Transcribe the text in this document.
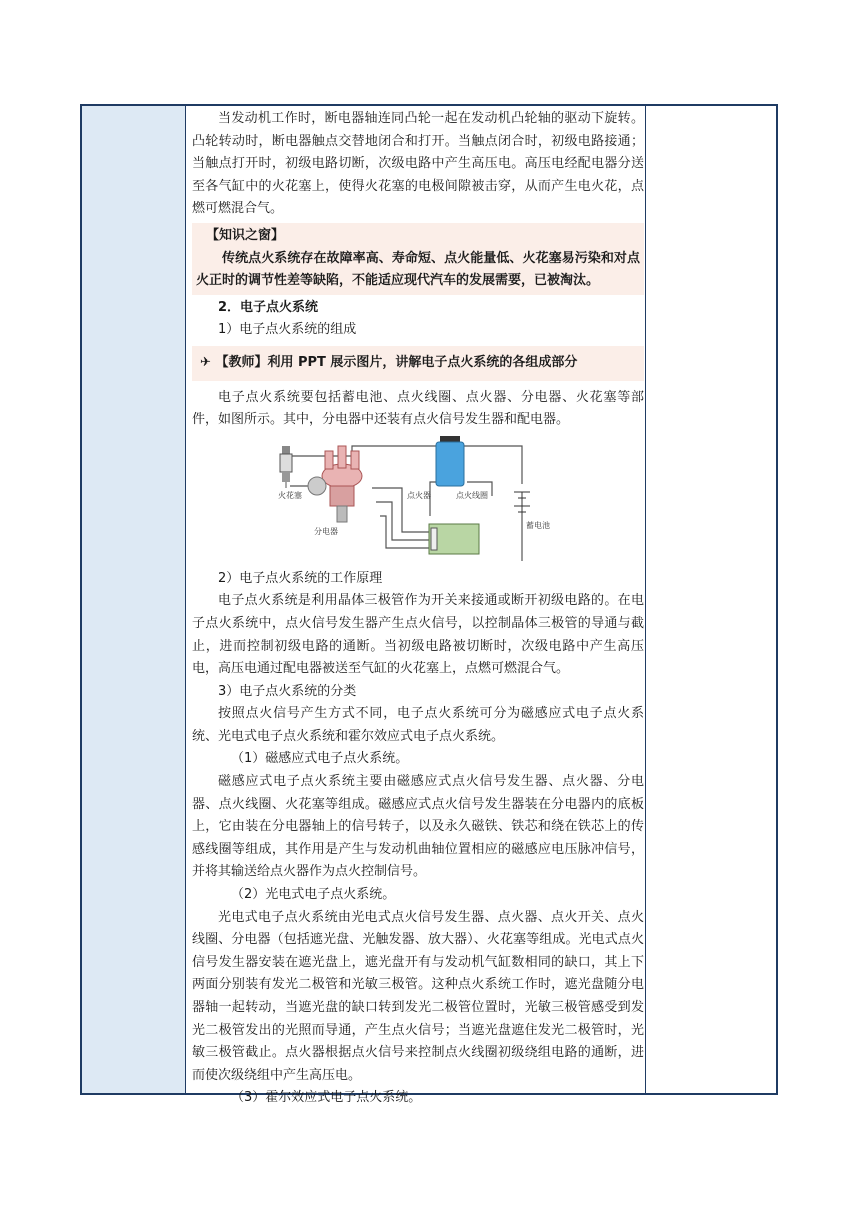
当发动机工作时，断电器轴连同凸轮一起在发动机凸轮轴的驱动下旋转。凸轮转动时，断电器触点交替地闭合和打开。当触点闭合时，初级电路接通；当触点打开时，初级电路切断，次级电路中产生高压电。高压电经配电器分送至各气缸中的火花塞上，使得火花塞的电极间隙被击穿，从而产生电火花，点燃可燃混合气。

【知识之窗】

传统点火系统存在故障率高、寿命短、点火能量低、火花塞易污染和对点火正时的调节性差等缺陷，不能适应现代汽车的发展需要，已被淘汰。

2．电子点火系统

1）电子点火系统的组成

✈ 【教师】利用 PPT 展示图片，讲解电子点火系统的各组成部分

电子点火系统要包括蓄电池、点火线圈、点火器、分电器、火花塞等部件，如图所示。其中，分电器中还装有点火信号发生器和配电器。

火花塞
分电器
点火器	点火线圈
蓄电池

2）电子点火系统的工作原理

电子点火系统是利用晶体三极管作为开关来接通或断开初级电路的。在电子点火系统中，点火信号发生器产生点火信号，以控制晶体三极管的导通与截止，进而控制初级电路的通断。当初级电路被切断时，次级电路中产生高压电，高压电通过配电器被送至气缸的火花塞上，点燃可燃混合气。

3）电子点火系统的分类

按照点火信号产生方式不同，电子点火系统可分为磁感应式电子点火系统、光电式电子点火系统和霍尔效应式电子点火系统。

（1）磁感应式电子点火系统。

磁感应式电子点火系统主要由磁感应式点火信号发生器、点火器、分电器、点火线圈、火花塞等组成。磁感应式点火信号发生器装在分电器内的底板上，它由装在分电器轴上的信号转子，以及永久磁铁、铁芯和绕在铁芯上的传感线圈等组成，其作用是产生与发动机曲轴位置相应的磁感应电压脉冲信号，并将其输送给点火器作为点火控制信号。

（2）光电式电子点火系统。

光电式电子点火系统由光电式点火信号发生器、点火器、点火开关、点火线圈、分电器（包括遮光盘、光触发器、放大器）、火花塞等组成。光电式点火信号发生器安装在遮光盘上，遮光盘开有与发动机气缸数相同的缺口，其上下两面分别装有发光二极管和光敏三极管。这种点火系统工作时，遮光盘随分电器轴一起转动，当遮光盘的缺口转到发光二极管位置时，光敏三极管感受到发光二极管发出的光照而导通，产生点火信号；当遮光盘遮住发光二极管时，光敏三极管截止。点火器根据点火信号来控制点火线圈初级绕组电路的通断，进而使次级绕组中产生高压电。

（3）霍尔效应式电子点火系统。
